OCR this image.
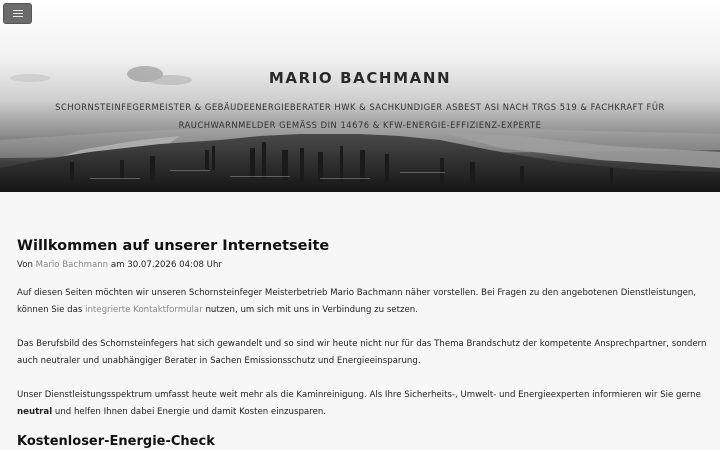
MARIO BACHMANN
SCHORNSTEINFEGERMEISTER & GEBÄUDEENERGIEBERATER HWK & SACHKUNDIGER ASBEST ASI NACH TRGS 519 & FACHKRAFT FÜR RAUCHWARNMELDER GEMÄSS DIN 14676 & KFW-ENERGIE-EFFIZIENZ-EXPERTE
Willkommen auf unserer Internetseite
Von Mario Bachmann am 30.07.2026 04:08 Uhr

Auf diesen Seiten möchten wir unseren Schornsteinfeger Meisterbetrieb Mario Bachmann näher vorstellen. Bei Fragen zu den angebotenen Dienstleistungen, können Sie das integrierte Kontaktformular nutzen, um sich mit uns in Verbindung zu setzen.

Das Berufsbild des Schornsteinfegers hat sich gewandelt und so sind wir heute nicht nur für das Thema Brandschutz der kompetente Ansprechpartner, sondern auch neutraler und unabhängiger Berater in Sachen Emissionsschutz und Energieeinsparung.

Unser Dienstleistungsspektrum umfasst heute weit mehr als die Kaminreinigung. Als Ihre Sicherheits-, Umwelt- und Energieexperten informieren wir Sie gerne neutral und helfen Ihnen dabei Energie und damit Kosten einzusparen.

Kostenloser-Energie-Check
